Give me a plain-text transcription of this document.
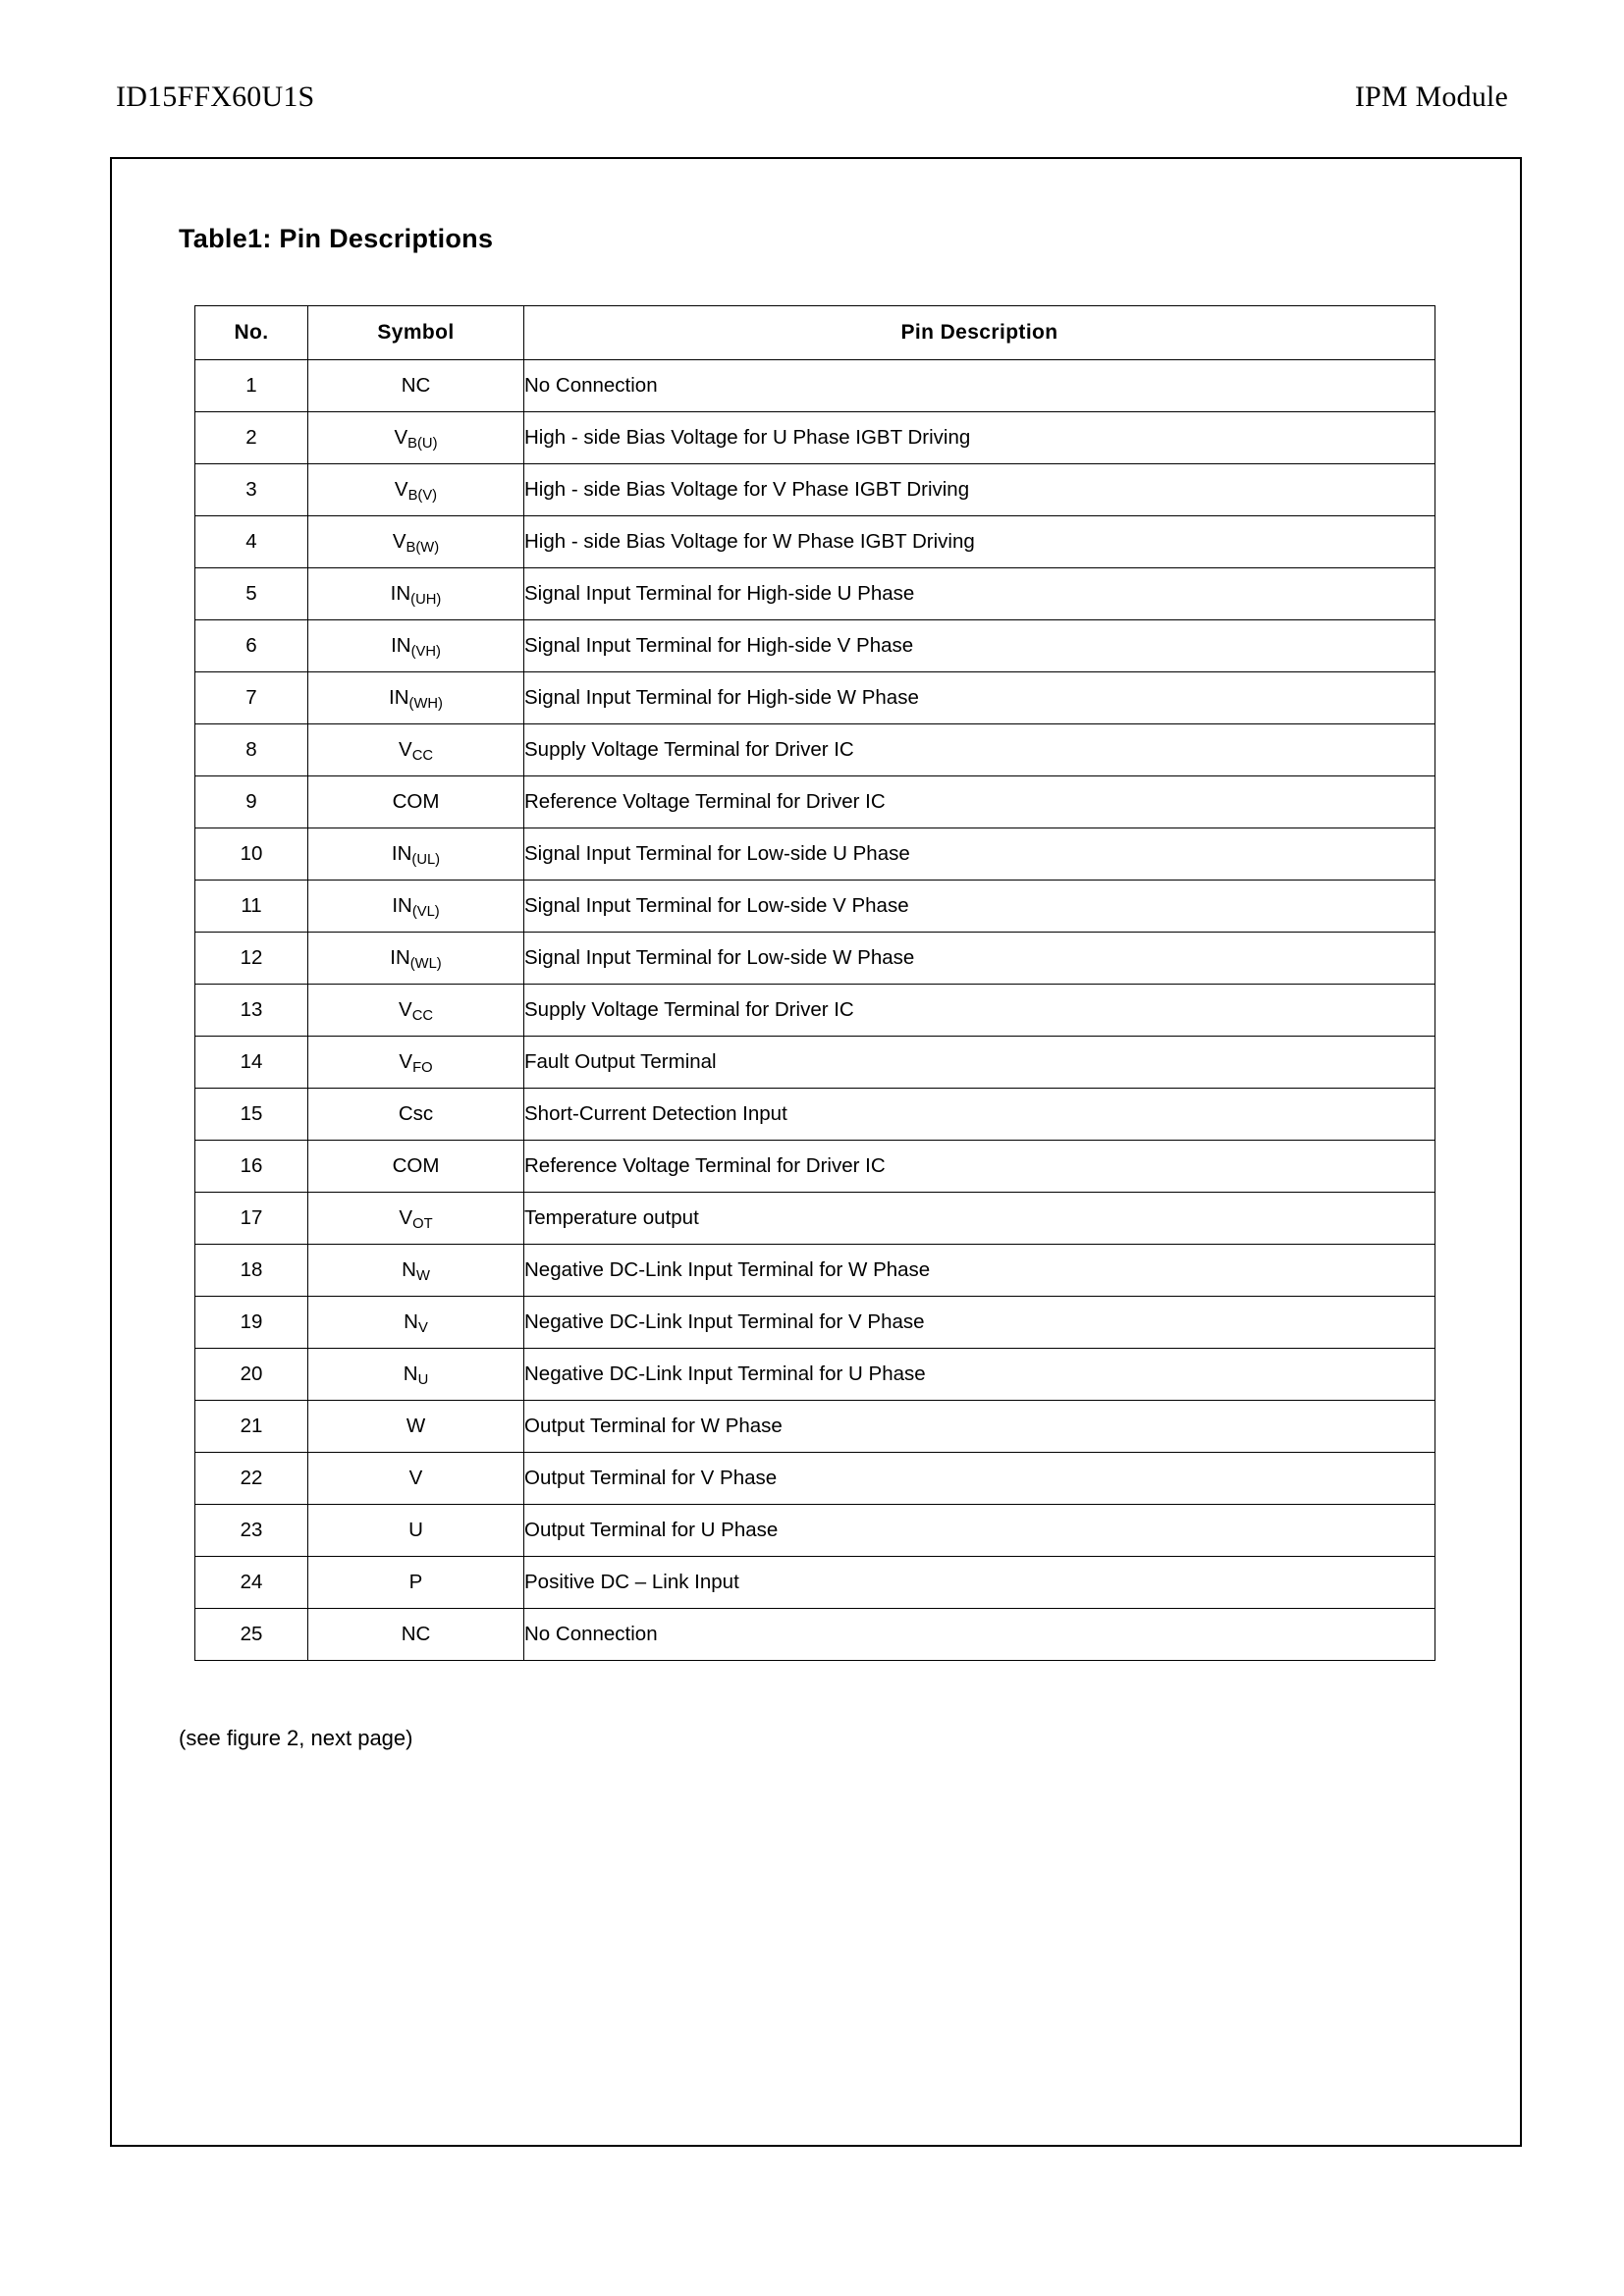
ID15FFX60U1S	IPM Module
Table1: Pin Descriptions
No.	Symbol	Pin Description
1	NC	No Connection
2	$V_{B(U)}$	High - side Bias Voltage for U Phase IGBT Driving
3	$V_{B(V)}$	High - side Bias Voltage for V Phase IGBT Driving
4	$V_{B(W)}$	High - side Bias Voltage for W Phase IGBT Driving
5	$IN_{(UH)}$	Signal Input Terminal for High-side U Phase
6	$IN_{(VH)}$	Signal Input Terminal for High-side V Phase
7	$IN_{(WH)}$	Signal Input Terminal for High-side W Phase
8	$V_{CC}$	Supply Voltage Terminal for Driver IC
9	COM	Reference Voltage Terminal for Driver IC
10	$IN_{(UL)}$	Signal Input Terminal for Low-side U Phase
11	$IN_{(VL)}$	Signal Input Terminal for Low-side V Phase
12	$IN_{(WL)}$	Signal Input Terminal for Low-side W Phase
13	$V_{CC}$	Supply Voltage Terminal for Driver IC
14	$V_{FO}$	Fault Output Terminal
15	Csc	Short-Current Detection Input
16	COM	Reference Voltage Terminal for Driver IC
17	$V_{OT}$	Temperature output
18	$N_W$	Negative DC-Link Input Terminal for W Phase
19	$N_V$	Negative DC-Link Input Terminal for V Phase
20	$N_U$	Negative DC-Link Input Terminal for U Phase
21	W	Output Terminal for W Phase
22	V	Output Terminal for V Phase
23	U	Output Terminal for U Phase
24	P	Positive DC – Link Input
25	NC	No Connection
(see figure 2, next page)
